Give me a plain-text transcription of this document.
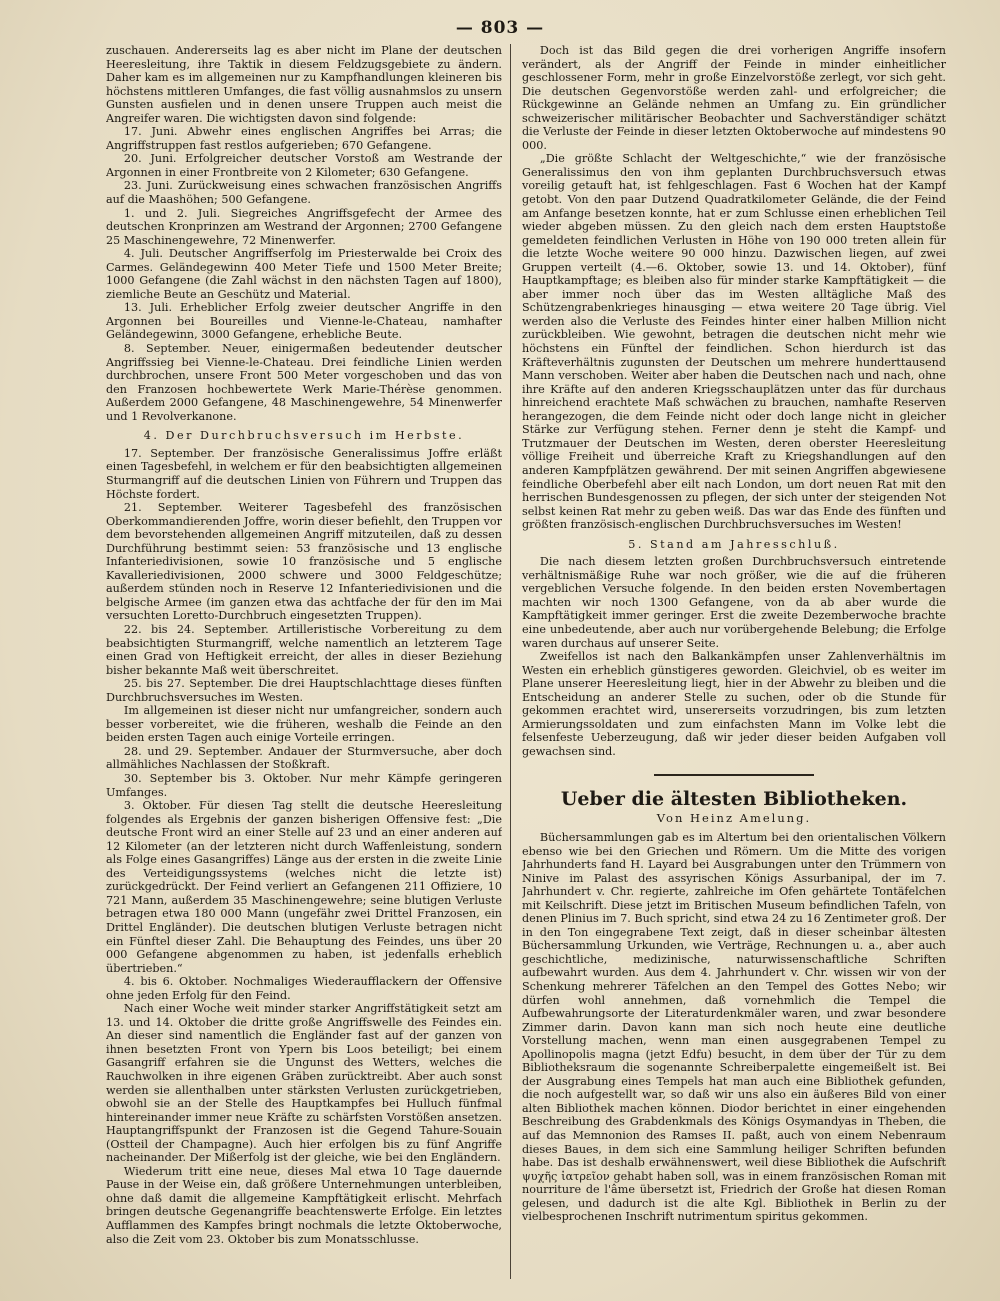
— 803 —

zuschauen. Andererseits lag es aber nicht im Plane der deutschen Heeresleitung, ihre Taktik in diesem Feldzugsgebiete zu ändern. Daher kam es im allgemeinen nur zu Kampfhandlungen kleineren bis höchstens mittleren Umfanges, die fast völlig ausnahmslos zu unsern Gunsten ausfielen und in denen unsere Truppen auch meist die Angreifer waren. Die wichtigsten davon sind folgende:

17. Juni. Abwehr eines englischen Angriffes bei Arras; die Angriffstruppen fast restlos aufgerieben; 670 Gefangene.

20. Juni. Erfolgreicher deutscher Vorstoß am Westrande der Argonnen in einer Frontbreite von 2 Kilometer; 630 Gefangene.

23. Juni. Zurückweisung eines schwachen französischen Angriffs auf die Maashöhen; 500 Gefangene.

1. und 2. Juli. Siegreiches Angriffsgefecht der Armee des deutschen Kronprinzen am Westrand der Argonnen; 2700 Gefangene 25 Maschinengewehre, 72 Minenwerfer.

4. Juli. Deutscher Angriffserfolg im Priesterwalde bei Croix des Carmes. Geländegewinn 400 Meter Tiefe und 1500 Meter Breite; 1000 Gefangene (die Zahl wächst in den nächsten Tagen auf 1800), ziemliche Beute an Geschütz und Material.

13. Juli. Erheblicher Erfolg zweier deutscher Angriffe in den Argonnen bei Boureilles und Vienne-le-Chateau, namhafter Geländegewinn, 3000 Gefangene, erhebliche Beute.

8. September. Neuer, einigermaßen bedeutender deutscher Angriffssieg bei Vienne-le-Chateau. Drei feindliche Linien werden durchbrochen, unsere Front 500 Meter vorgeschoben und das von den Franzosen hochbewertete Werk Marie-Thérèse genommen. Außerdem 2000 Gefangene, 48 Maschinengewehre, 54 Minenwerfer und 1 Revolverkanone.

4. Der Durchbruchsversuch im Herbste.

17. September. Der französische Generalissimus Joffre erläßt einen Tagesbefehl, in welchem er für den beabsichtigten allgemeinen Sturmangriff auf die deutschen Linien von Führern und Truppen das Höchste fordert.

21. September. Weiterer Tagesbefehl des französischen Oberkommandierenden Joffre, worin dieser befiehlt, den Truppen vor dem bevorstehenden allgemeinen Angriff mitzuteilen, daß zu dessen Durchführung bestimmt seien: 53 französische und 13 englische Infanteriedivisionen, sowie 10 französische und 5 englische Kavalleriedivisionen, 2000 schwere und 3000 Feldgeschütze; außerdem stünden noch in Reserve 12 Infanteriedivisionen und die belgische Armee (im ganzen etwa das achtfache der für den im Mai versuchten Loretto-Durchbruch eingesetzten Truppen).

22. bis 24. September. Artilleristische Vorbereitung zu dem beabsichtigten Sturmangriff, welche namentlich an letzterem Tage einen Grad von Heftigkeit erreicht, der alles in dieser Beziehung bisher bekannte Maß weit überschreitet.

25. bis 27. September. Die drei Hauptschlachttage dieses fünften Durchbruchsversuches im Westen.

Im allgemeinen ist dieser nicht nur umfangreicher, sondern auch besser vorbereitet, wie die früheren, weshalb die Feinde an den beiden ersten Tagen auch einige Vorteile erringen.

28. und 29. September. Andauer der Sturmversuche, aber doch allmähliches Nachlassen der Stoßkraft.

30. September bis 3. Oktober. Nur mehr Kämpfe geringeren Umfanges.

3. Oktober. Für diesen Tag stellt die deutsche Heeresleitung folgendes als Ergebnis der ganzen bisherigen Offensive fest: „Die deutsche Front wird an einer Stelle auf 23 und an einer anderen auf 12 Kilometer (an der letzteren nicht durch Waffenleistung, sondern als Folge eines Gasangriffes) Länge aus der ersten in die zweite Linie des Verteidigungssystems (welches nicht die letzte ist) zurückgedrückt. Der Feind verliert an Gefangenen 211 Offiziere, 10 721 Mann, außerdem 35 Maschinengewehre; seine blutigen Verluste betragen etwa 180 000 Mann (ungefähr zwei Drittel Franzosen, ein Drittel Engländer). Die deutschen blutigen Verluste betragen nicht ein Fünftel dieser Zahl. Die Behauptung des Feindes, uns über 20 000 Gefangene abgenommen zu haben, ist jedenfalls erheblich übertrieben.“

4. bis 6. Oktober. Nochmaliges Wiederaufflackern der Offensive ohne jeden Erfolg für den Feind.

Nach einer Woche weit minder starker Angriffstätigkeit setzt am 13. und 14. Oktober die dritte große Angriffswelle des Feindes ein. An dieser sind namentlich die Engländer fast auf der ganzen von ihnen besetzten Front von Ypern bis Loos beteiligt; bei einem Gasangriff erfahren sie die Ungunst des Wetters, welches die Rauchwolken in ihre eigenen Gräben zurücktreibt. Aber auch sonst werden sie allenthalben unter stärksten Verlusten zurückgetrieben, obwohl sie an der Stelle des Hauptkampfes bei Hulluch fünfmal hintereinander immer neue Kräfte zu schärfsten Vorstößen ansetzen. Hauptangriffspunkt der Franzosen ist die Gegend Tahure-Souain (Ostteil der Champagne). Auch hier erfolgen bis zu fünf Angriffe nacheinander. Der Mißerfolg ist der gleiche, wie bei den Engländern.

Wiederum tritt eine neue, dieses Mal etwa 10 Tage dauernde Pause in der Weise ein, daß größere Unternehmungen unterbleiben, ohne daß damit die allgemeine Kampftätigkeit erlischt. Mehrfach bringen deutsche Gegenangriffe beachtenswerte Erfolge. Ein letztes Aufflammen des Kampfes bringt nochmals die letzte Oktoberwoche, also die Zeit vom 23. Oktober bis zum Monatsschlusse.

Doch ist das Bild gegen die drei vorherigen Angriffe insofern verändert, als der Angriff der Feinde in minder einheitlicher geschlossener Form, mehr in große Einzelvorstöße zerlegt, vor sich geht. Die deutschen Gegenvorstöße werden zahl- und erfolgreicher; die Rückgewinne an Gelände nehmen an Umfang zu. Ein gründlicher schweizerischer militärischer Beobachter und Sachverständiger schätzt die Verluste der Feinde in dieser letzten Oktoberwoche auf mindestens 90 000.

„Die größte Schlacht der Weltgeschichte,“ wie der französische Generalissimus den von ihm geplanten Durchbruchsversuch etwas voreilig getauft hat, ist fehlgeschlagen. Fast 6 Wochen hat der Kampf getobt. Von den paar Dutzend Quadratkilometer Gelände, die der Feind am Anfange besetzen konnte, hat er zum Schlusse einen erheblichen Teil wieder abgeben müssen. Zu den gleich nach dem ersten Hauptstoße gemeldeten feindlichen Verlusten in Höhe von 190 000 treten allein für die letzte Woche weitere 90 000 hinzu. Dazwischen liegen, auf zwei Gruppen verteilt (4.—6. Oktober, sowie 13. und 14. Oktober), fünf Hauptkampftage; es bleiben also für minder starke Kampftätigkeit — die aber immer noch über das im Westen alltägliche Maß des Schützengrabenkrieges hinausging — etwa weitere 20 Tage übrig. Viel werden also die Verluste des Feindes hinter einer halben Million nicht zurückbleiben. Wie gewohnt, betragen die deutschen nicht mehr wie höchstens ein Fünftel der feindlichen. Schon hierdurch ist das Kräfteverhältnis zugunsten der Deutschen um mehrere hunderttausend Mann verschoben. Weiter aber haben die Deutschen nach und nach, ohne ihre Kräfte auf den anderen Kriegsschauplätzen unter das für durchaus hinreichend erachtete Maß schwächen zu brauchen, namhafte Reserven herangezogen, die dem Feinde nicht oder doch lange nicht in gleicher Stärke zur Verfügung stehen. Ferner denn je steht die Kampf- und Trutzmauer der Deutschen im Westen, deren oberster Heeresleitung völlige Freiheit und überreiche Kraft zu Kriegshandlungen auf den anderen Kampfplätzen gewährend. Der mit seinen Angriffen abgewiesene feindliche Oberbefehl aber eilt nach London, um dort neuen Rat mit den herrischen Bundesgenossen zu pflegen, der sich unter der steigenden Not selbst keinen Rat mehr zu geben weiß. Das war das Ende des fünften und größten französisch-englischen Durchbruchsversuches im Westen!

5. Stand am Jahresschluß.

Die nach diesem letzten großen Durchbruchsversuch eintretende verhältnismäßige Ruhe war noch größer, wie die auf die früheren vergeblichen Versuche folgende. In den beiden ersten Novembertagen machten wir noch 1300 Gefangene, von da ab aber wurde die Kampftätigkeit immer geringer. Erst die zweite Dezemberwoche brachte eine unbedeutende, aber auch nur vorübergehende Belebung; die Erfolge waren durchaus auf unserer Seite.

Zweifellos ist nach den Balkankämpfen unser Zahlenverhältnis im Westen ein erheblich günstigeres geworden. Gleichviel, ob es weiter im Plane unserer Heeresleitung liegt, hier in der Abwehr zu bleiben und die Entscheidung an anderer Stelle zu suchen, oder ob die Stunde für gekommen erachtet wird, unsererseits vorzudringen, bis zum letzten Armierungssoldaten und zum einfachsten Mann im Volke lebt die felsenfeste Ueberzeugung, daß wir jeder dieser beiden Aufgaben voll gewachsen sind.

Ueber die ältesten Bibliotheken.

Von Heinz Amelung.

Büchersammlungen gab es im Altertum bei den orientalischen Völkern ebenso wie bei den Griechen und Römern. Um die Mitte des vorigen Jahrhunderts fand H. Layard bei Ausgrabungen unter den Trümmern von Ninive im Palast des assyrischen Königs Assurbanipal, der im 7. Jahrhundert v. Chr. regierte, zahlreiche im Ofen gehärtete Tontäfelchen mit Keilschrift. Diese jetzt im Britischen Museum befindlichen Tafeln, von denen Plinius im 7. Buch spricht, sind etwa 24 zu 16 Zentimeter groß. Der in den Ton eingegrabene Text zeigt, daß in dieser scheinbar ältesten Büchersammlung Urkunden, wie Verträge, Rechnungen u. a., aber auch geschichtliche, medizinische, naturwissenschaftliche Schriften aufbewahrt wurden. Aus dem 4. Jahrhundert v. Chr. wissen wir von der Schenkung mehrerer Täfelchen an den Tempel des Gottes Nebo; wir dürfen wohl annehmen, daß vornehmlich die Tempel die Aufbewahrungsorte der Literaturdenkmäler waren, und zwar besondere Zimmer darin. Davon kann man sich noch heute eine deutliche Vorstellung machen, wenn man einen ausgegrabenen Tempel zu Apollinopolis magna (jetzt Edfu) besucht, in dem über der Tür zu dem Bibliotheksraum die sogenannte Schreiberpalette eingemeißelt ist. Bei der Ausgrabung eines Tempels hat man auch eine Bibliothek gefunden, die noch aufgestellt war, so daß wir uns also ein äußeres Bild von einer alten Bibliothek machen können. Diodor berichtet in einer eingehenden Beschreibung des Grabdenkmals des Königs Osymandyas in Theben, die auf das Memnonion des Ramses II. paßt, auch von einem Nebenraum dieses Baues, in dem sich eine Sammlung heiliger Schriften befunden habe. Das ist deshalb erwähnenswert, weil diese Bibliothek die Aufschrift ψυχῆς ἰατρεῖον gehabt haben soll, was in einem französischen Roman mit nourriture de l'âme übersetzt ist, Friedrich der Große hat diesen Roman gelesen, und dadurch ist die alte Kgl. Bibliothek in Berlin zu der vielbesprochenen Inschrift nutrimentum spiritus gekommen.
